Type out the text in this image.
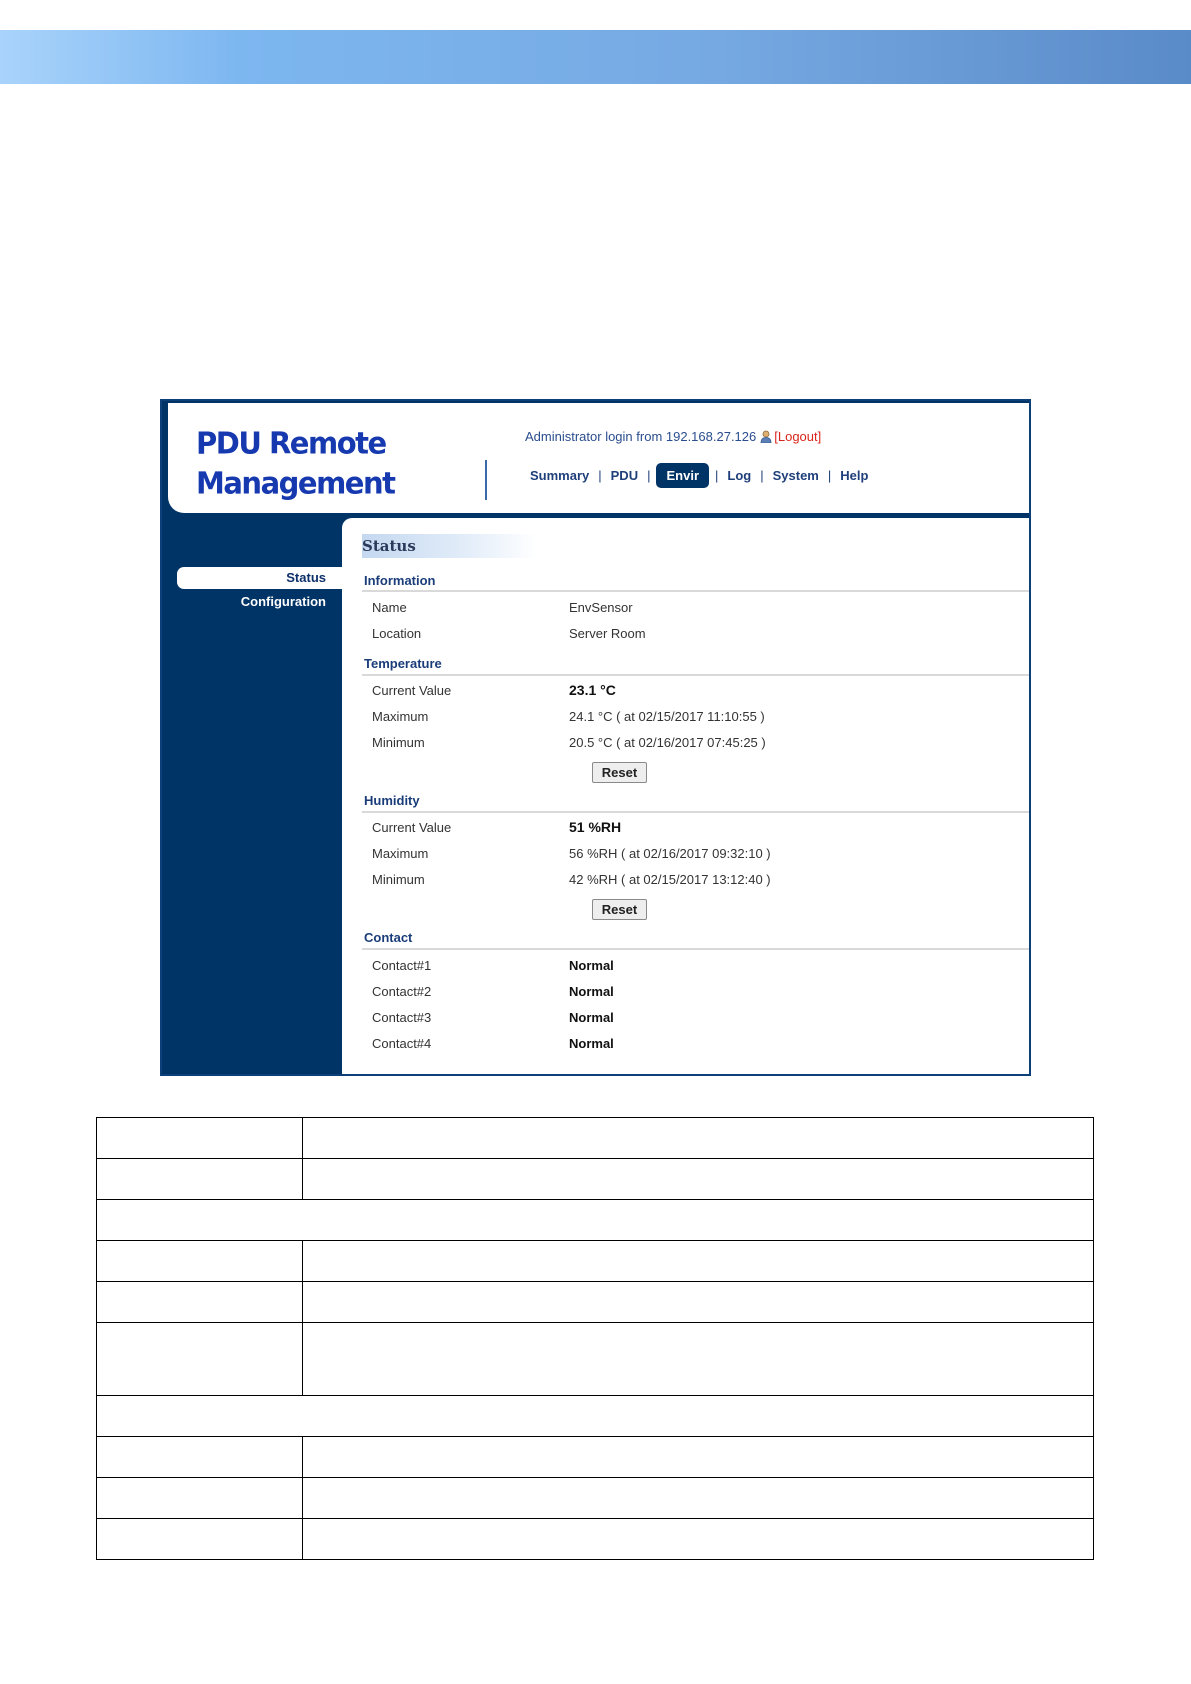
PDU Remote
Management
Administrator login from 192.168.27.126 [Logout]
Summary | PDU |	Envir	| Log | System | Help
Status
Configuration
Status
Information
Name	EnvSensor
Location	Server Room
Temperature
Current Value	23.1 °C
Maximum	24.1 °C ( at 02/15/2017 11:10:55 )
Minimum	20.5 °C ( at 02/16/2017 07:45:25 )
Reset
Humidity
Current Value	51 %RH
Maximum	56 %RH ( at 02/16/2017 09:32:10 )
Minimum	42 %RH ( at 02/15/2017 13:12:40 )
Reset
Contact
Contact#1	Normal
Contact#2	Normal
Contact#3	Normal
Contact#4	Normal
